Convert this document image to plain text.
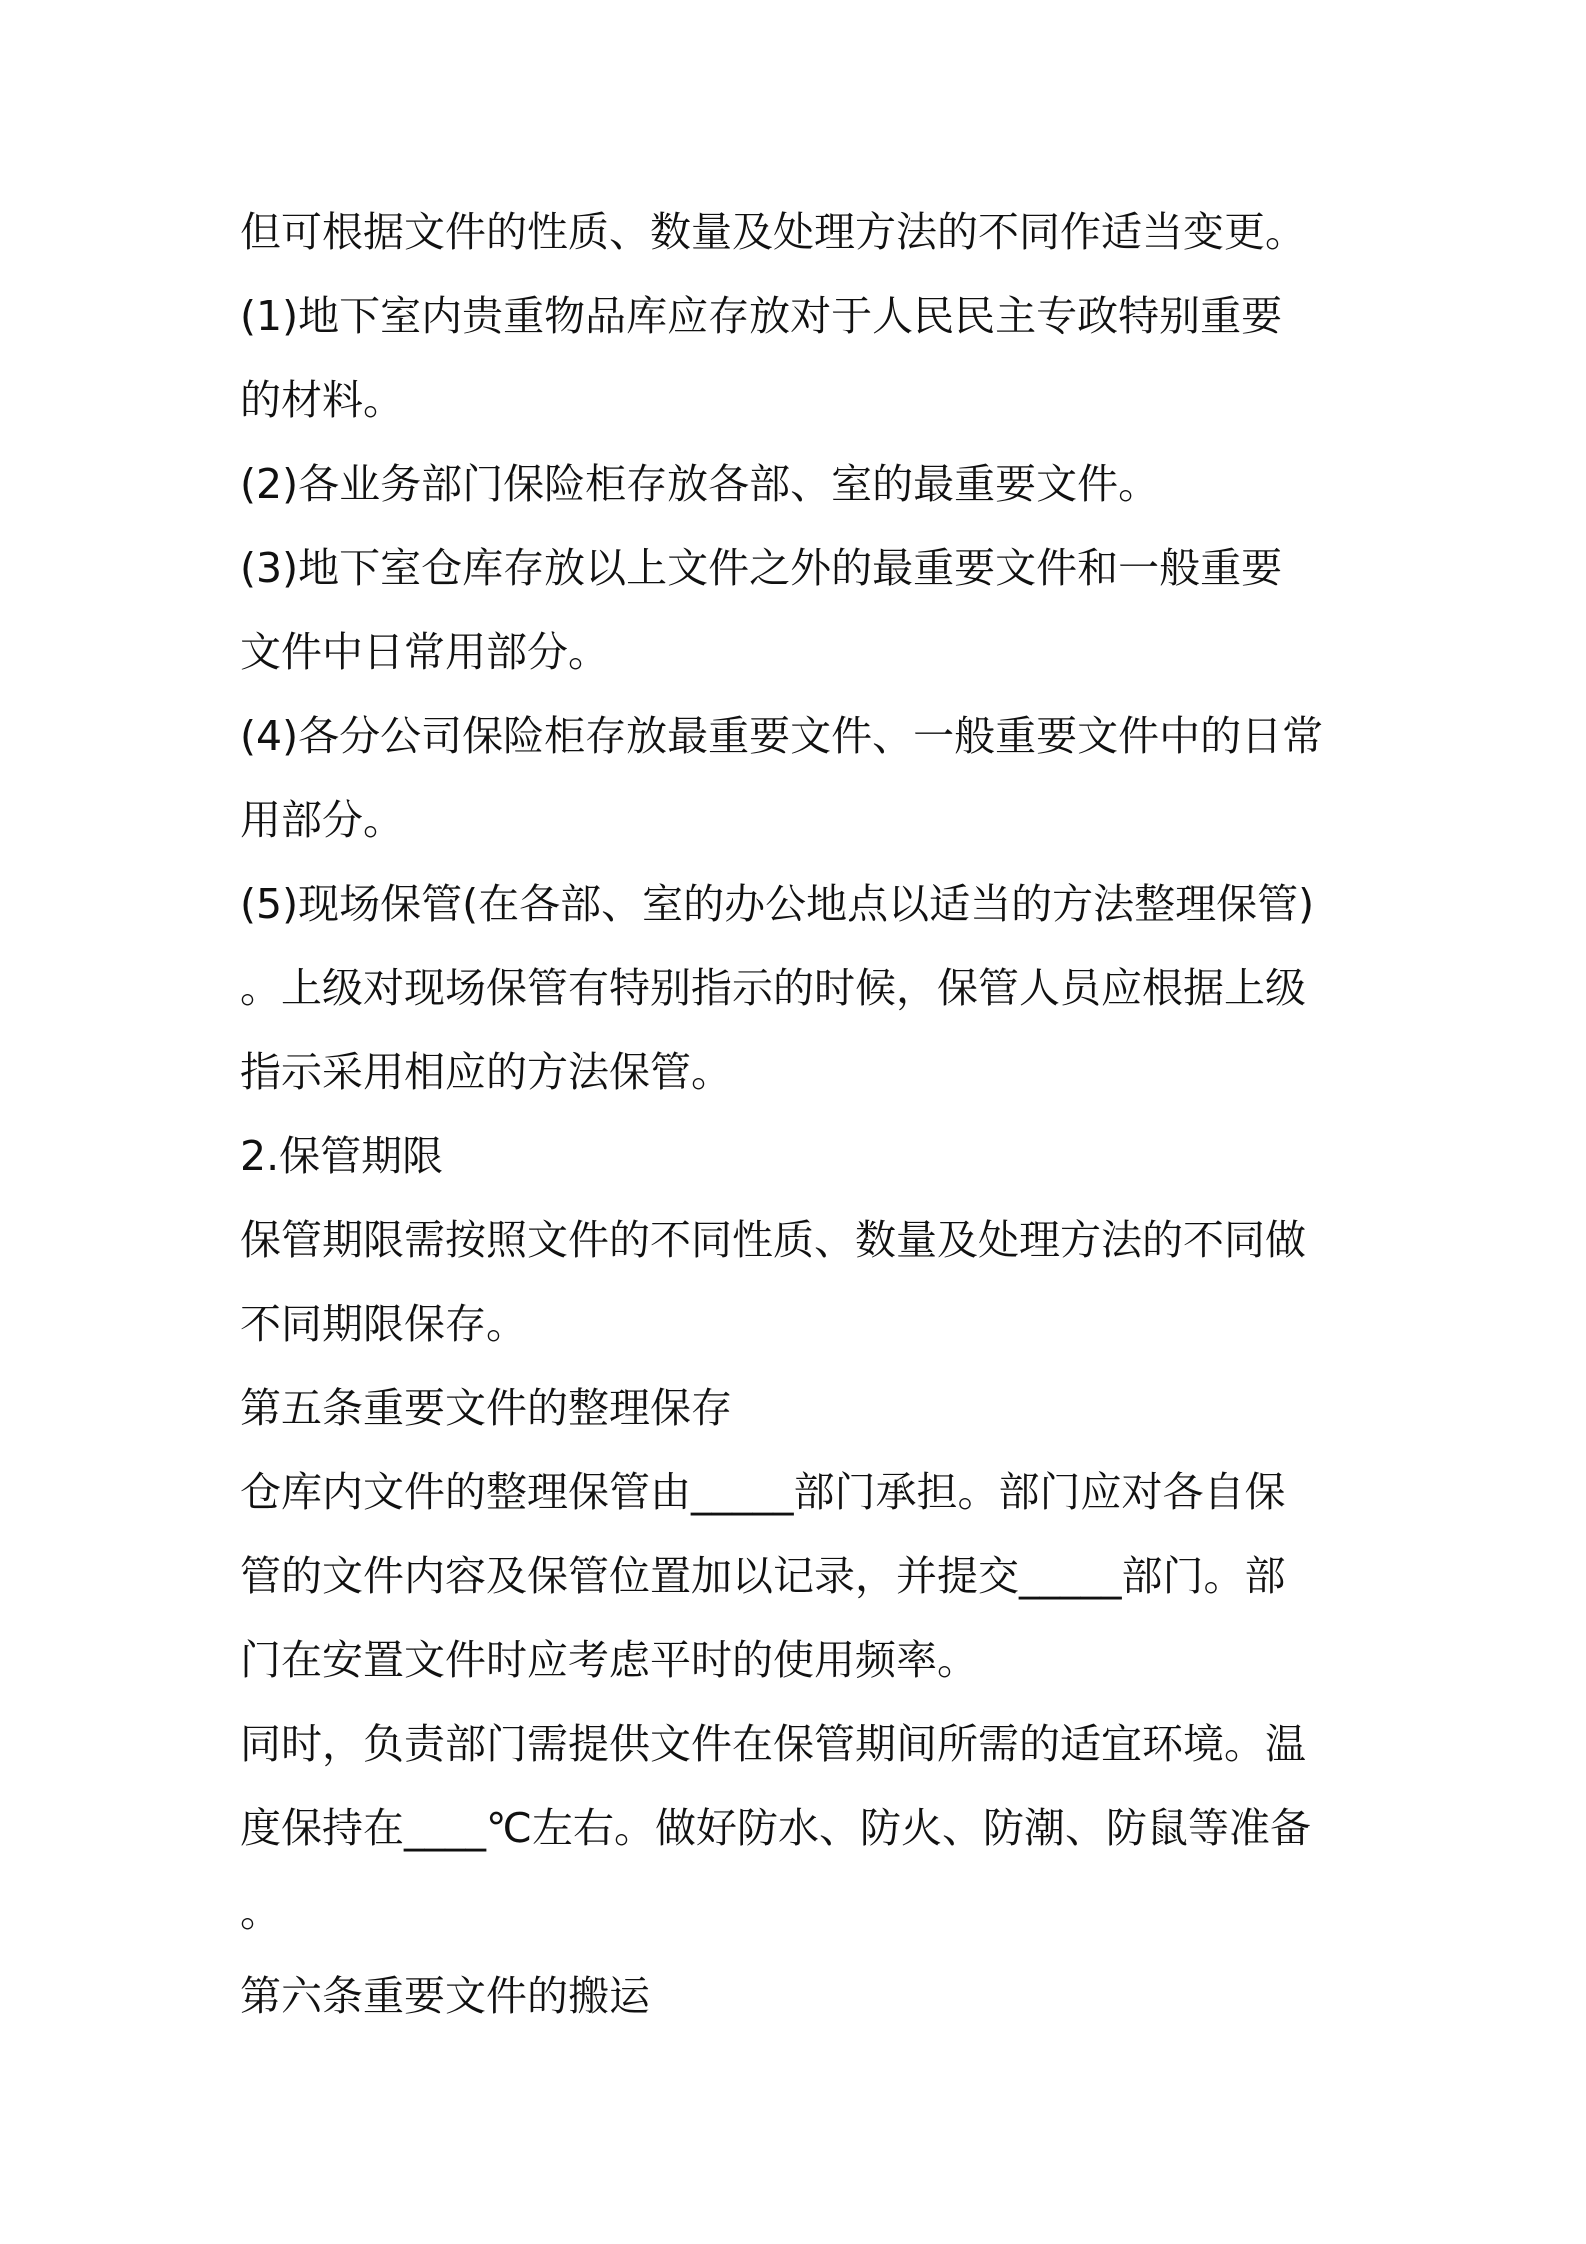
但可根据文件的性质、数量及处理方法的不同作适当变更。
(1)地下室内贵重物品库应存放对于人民民主专政特别重要
的材料。
(2)各业务部门保险柜存放各部、室的最重要文件。
(3)地下室仓库存放以上文件之外的最重要文件和一般重要
文件中日常用部分。
(4)各分公司保险柜存放最重要文件、一般重要文件中的日常
用部分。
(5)现场保管(在各部、室的办公地点以适当的方法整理保管)
。上级对现场保管有特别指示的时候，保管人员应根据上级
指示采用相应的方法保管。
2.保管期限
保管期限需按照文件的不同性质、数量及处理方法的不同做
不同期限保存。
第五条重要文件的整理保存
仓库内文件的整理保管由_____部门承担。部门应对各自保
管的文件内容及保管位置加以记录，并提交_____部门。部
门在安置文件时应考虑平时的使用频率。
同时，负责部门需提供文件在保管期间所需的适宜环境。温
度保持在____℃左右。做好防水、防火、防潮、防鼠等准备
。
第六条重要文件的搬运
